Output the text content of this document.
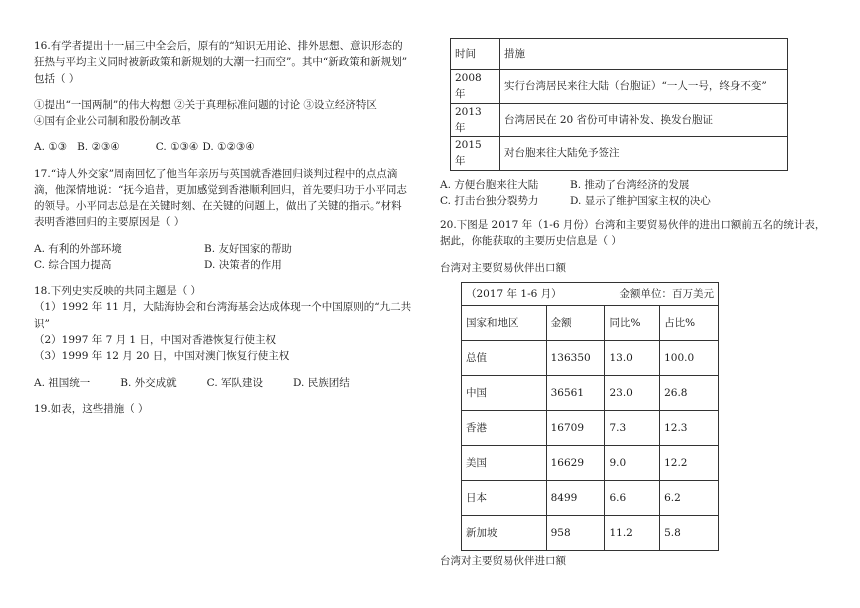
16.有学者提出十一届三中全会后，原有的“知识无用论、排外思想、意识形态的

狂热与平均主义同时被新政策和新规划的大潮一扫而空”。其中“新政策和新规划”

包括（ ）

①提出“一国两制”的伟大构想 ②关于真理标准问题的讨论 ③设立经济特区

④国有企业公司制和股份制改革

A. ①③ B. ②③④	C. ①③④ D. ①②③④

17.“诗人外交家”周南回忆了他当年亲历与英国就香港回归谈判过程中的点点滴

滴，他深情地说：“抚今追昔，更加感觉到香港顺利回归，首先要归功于小平同志

的领导。小平同志总是在关键时刻、在关键的问题上，做出了关键的指示。”材料

表明香港回归的主要原因是（ ）

A. 有利的外部环境	B. 友好国家的帮助
C. 综合国力提高	D. 决策者的作用

18.下列史实反映的共同主题是（ ）

（1）1992 年 11 月，大陆海协会和台湾海基会达成体现一个中国原则的“九二共

识”

（2）1997 年 7 月 1 日，中国对香港恢复行使主权

（3）1999 年 12 月 20 日，中国对澳门恢复行使主权

A. 祖国统一	B. 外交成就	C. 军队建设	D. 民族团结

19.如表，这些措施（ ）

时间	措施
2008 年	实行台湾居民来往大陆（台胞证）“一人一号，终身不变”
2013 年	台湾居民在 20 省份可申请补发、换发台胞证
2015 年	对台胞来往大陆免予签注
A. 方便台胞来往大陆	B. 推动了台湾经济的发展
C. 打击台独分裂势力	D. 显示了维护国家主权的决心

20.下图是 2017 年（1-6 月份）台湾和主要贸易伙伴的进出口额前五名的统计表，

据此，你能获取的主要历史信息是（ ）

台湾对主要贸易伙伴出口额

（2017 年 1-6 月） 金额单位：百万美元			

国家和地区	金额	同比%	占比%
总值	136350	13.0	100.0
中国	36561	23.0	26.8
香港	16709	7.3	12.3
美国	16629	9.0	12.2
日本	8499	6.6	6.2
新加坡	958	11.2	5.8

台湾对主要贸易伙伴进口额
